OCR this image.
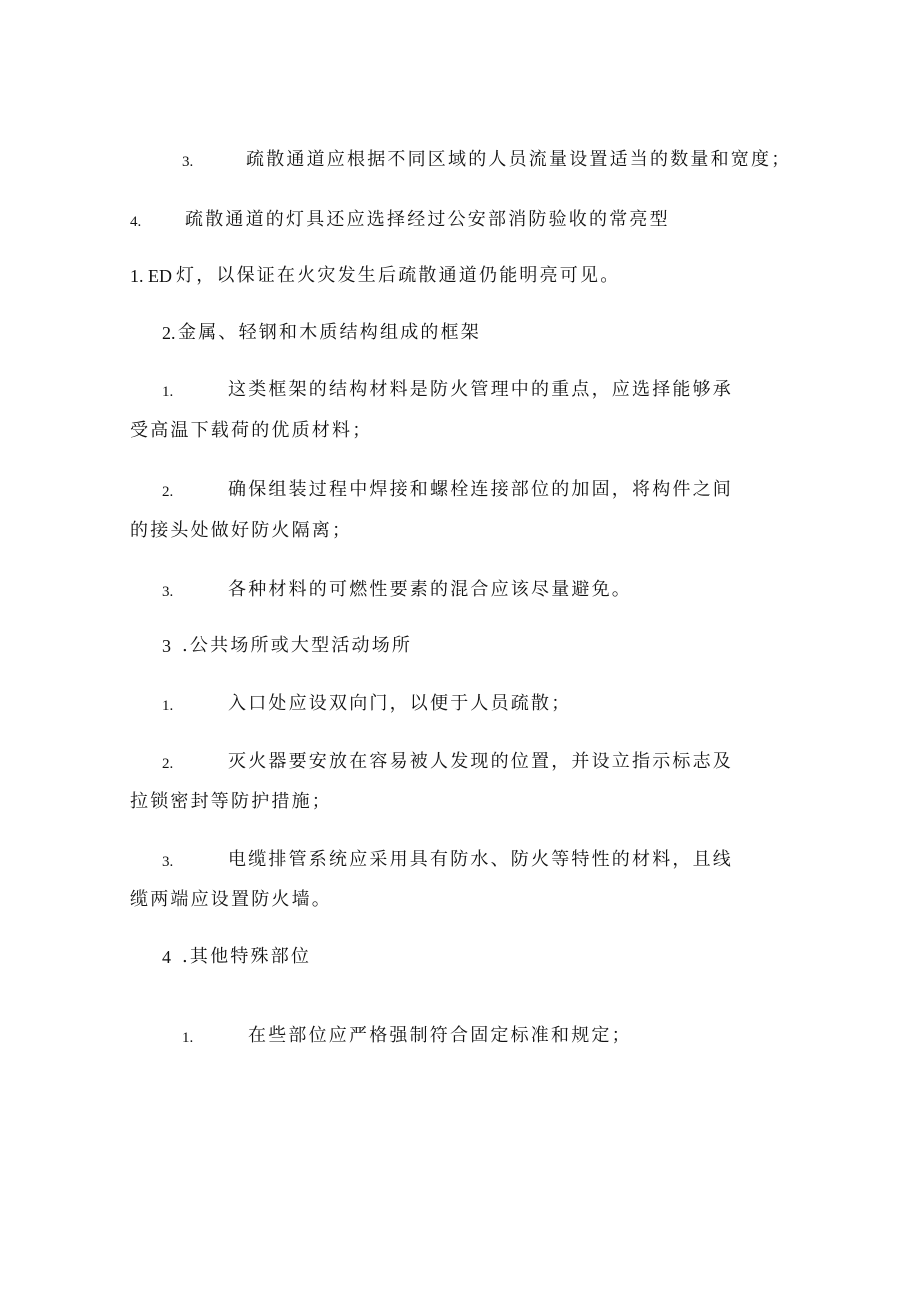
3.	疏散通道应根据不同区域的人员流量设置适当的数量和宽度；
4. 疏散通道的灯具还应选择经过公安部消防验收的常亮型
1. ED 灯，以保证在火灾发生后疏散通道仍能明亮可见。
2. 金属、轻钢和木质结构组成的框架
1.	这类框架的结构材料是防火管理中的重点，应选择能够承
受高温下载荷的优质材料；
2.	确保组装过程中焊接和螺栓连接部位的加固，将构件之间
的接头处做好防火隔离；
3.	各种材料的可燃性要素的混合应该尽量避免。
3 .公共场所或大型活动场所
1.	入口处应设双向门，以便于人员疏散；
2.	灭火器要安放在容易被人发现的位置，并设立指示标志及
拉锁密封等防护措施；
3.	电缆排管系统应采用具有防水、防火等特性的材料，且线
缆两端应设置防火墙。
4 .其他特殊部位
1.	在些部位应严格强制符合固定标准和规定；
